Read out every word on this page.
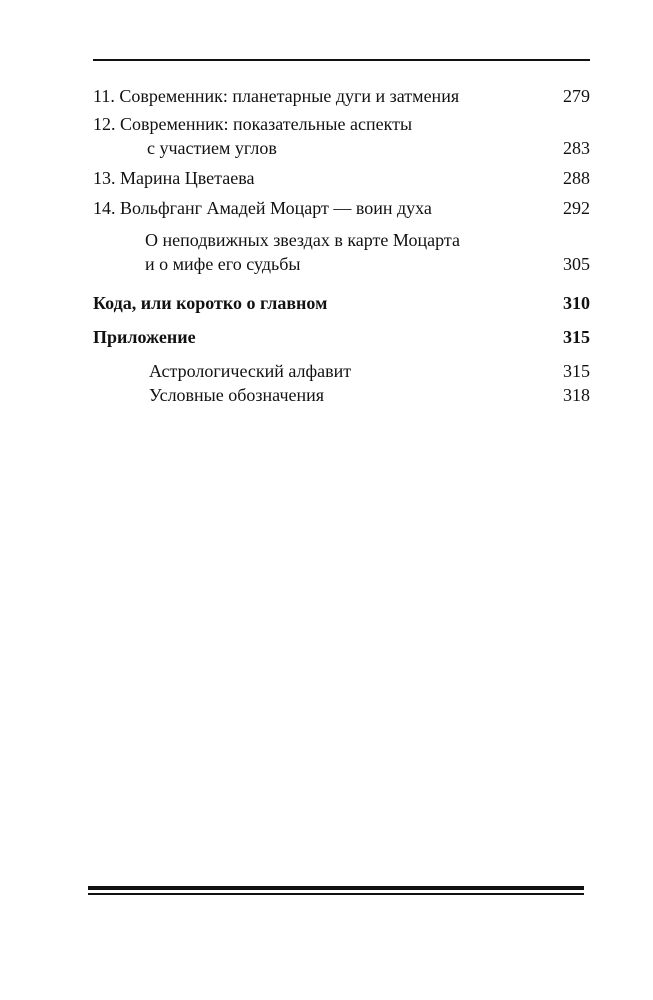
11. Современник: планетарные дуги и затмения	279
12. Современник: показательные аспекты
с участием углов	283
13. Марина Цветаева	288
14. Вольфганг Амадей Моцарт — воин духа	292
О неподвижных звездах в карте Моцарта
и о мифе его судьбы	305
Кода, или коротко о главном	310
Приложение	315
Астрологический алфавит	315
Условные обозначения	318
